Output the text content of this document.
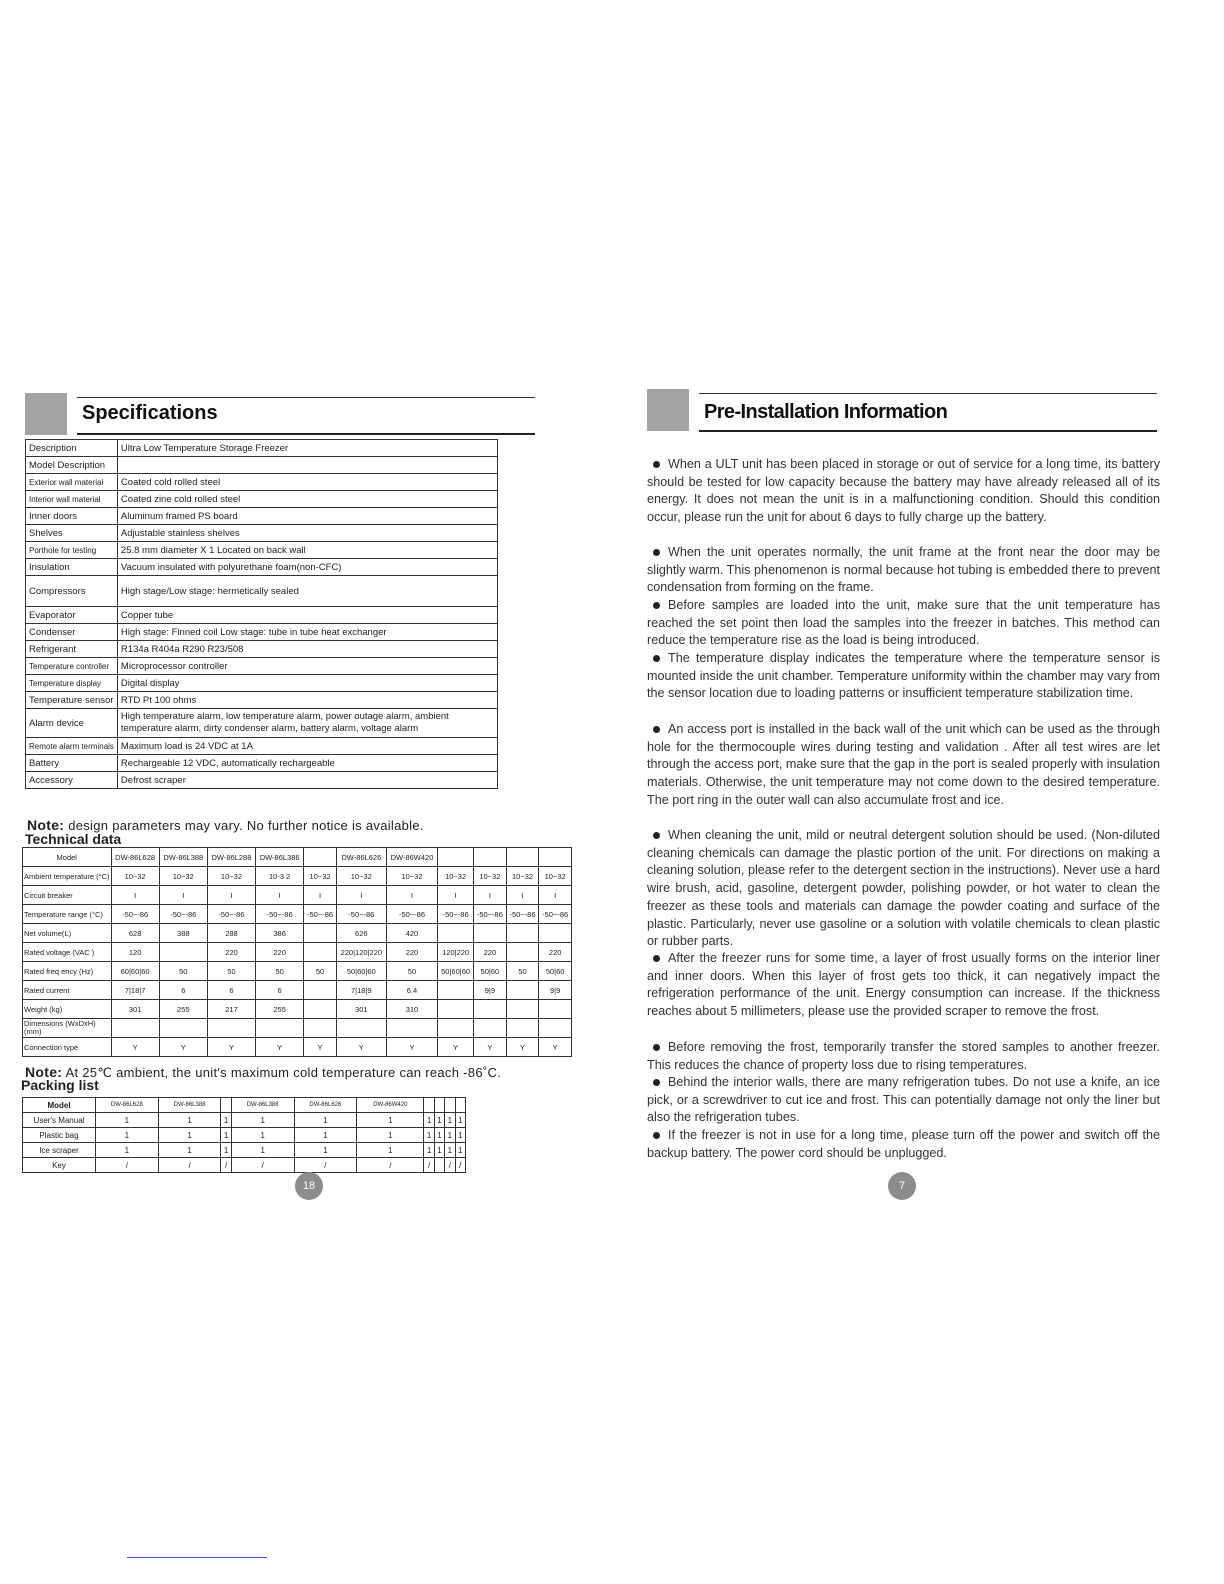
Specifications
Description	Ultra Low Temperature Storage Freezer
Model Description	
Exterior wall material	Coated cold rolled steel
Interior wall material	Coated zine cold rolled steel
Inner doors	Aluminum framed PS board
Shelves	Adjustable stainless shelves
Porthole for testing	25.8 mm diameter X 1 Located on back wall
Insulation	Vacuum insulated with polyurethane foam(non-CFC)
Compressors	High stage/Low stage: hermetically sealed
Evaporator	Copper tube
Condenser	High stage: Finned coil Low stage: tube in tube heat exchanger
Refrigerant	R134a R404a R290 R23/508
Temperature controller	Microprocessor controller
Temperature display	Digital display
Temperature sensor	RTD Pt 100 ohms
Alarm device	High temperature alarm, low temperature alarm, power outage alarm, ambient temperature alarm, dirty condenser alarm, battery alarm, voltage alarm
Remote alarm terminals	Maximum load is 24 VDC at 1A
Battery	Rechargeable 12 VDC, automatically rechargeable
Accessory	Defrost scraper
Note: design parameters may vary. No further notice is available.
Technical data
Model	DW-86L628	DW-86L388	DW-86L288	DW-86L386		DW-86L626	DW-86W420				
Ambient temperature (°C)	10~32	10~32	10~32	10-3 2	10~32	10~32	10~32	10~32	10~32	10~32	10~32
Circuit breaker	I	I	I	I	I	I	I	I	I	I	I
Temperature range (°C)	-50~-86	-50~-86	-50~-86	-50~-86	-50~-86	-50~-86	-50~-86	-50~-86	-50~-86	-50~-86	-50~-86
Net volume(L)	628	388	288	386		626	420				
Rated voltage (VAC )	120		220	220		220|120|220	220	120|220	220		220
Rated freq ency (Hz)	60|60|60	50	50	50	50	50|60|60	50	50|60|60	50|60	50	50|60
Rated current	7|18|7	6	6	6		7|18|9	6.4		9|9		9|9
Weight (kg)	301	255	217	255		301	310				
Dimensions (WxDxH) (mm)											
Connection type	Y	Y	Y	Y	Y	Y	Y	Y	Y	Y	Y
Note: At 25℃ ambient, the unit's maximum cold temperature can reach -86˚C.
Packing list
Model	DW-86L628	DW-86L388		DW-86L388	DW-86L626	DW-86W420				
User's Manual	1	1	1	1	1	1	1	1	1	1
Plastic bag	1	1	1	1	1	1	1	1	1	1
Ice scraper	1	1	1	1	1	1	1	1	1	1
Key	/	/	/	/	/	/	/		/	/
18
Pre-Installation Information
When a ULT unit has been placed in storage or out of service for a long time, its battery should be tested for low capacity because the battery may have already released all of its energy. It does not mean the unit is in a malfunctioning condition. Should this condition occur, please run the unit for about 6 days to fully charge up the battery.
When the unit operates normally, the unit frame at the front near the door may be slightly warm. This phenomenon is normal because hot tubing is embedded there to prevent condensation from forming on the frame.
Before samples are loaded into the unit, make sure that the unit temperature has reached the set point then load the samples into the freezer in batches. This method can reduce the temperature rise as the load is being introduced.
The temperature display indicates the temperature where the temperature sensor is mounted inside the unit chamber. Temperature uniformity within the chamber may vary from the sensor location due to loading patterns or insufficient temperature stabilization time.
An access port is installed in the back wall of the unit which can be used as the through hole for the thermocouple wires during testing and validation . After all test wires are let through the access port, make sure that the gap in the port is sealed properly with insulation materials. Otherwise, the unit temperature may not come down to the desired temperature. The port ring in the outer wall can also accumulate frost and ice.
When cleaning the unit, mild or neutral detergent solution should be used. (Non-diluted cleaning chemicals can damage the plastic portion of the unit. For directions on making a cleaning solution, please refer to the detergent section in the instructions). Never use a hard wire brush, acid, gasoline, detergent powder, polishing powder, or hot water to clean the freezer as these tools and materials can damage the powder coating and surface of the plastic. Particularly, never use gasoline or a solution with volatile chemicals to clean plastic or rubber parts.
After the freezer runs for some time, a layer of frost usually forms on the interior liner and inner doors. When this layer of frost gets too thick, it can negatively impact the refrigeration performance of the unit. Energy consumption can increase. If the thickness reaches about 5 millimeters, please use the provided scraper to remove the frost.
Before removing the frost, temporarily transfer the stored samples to another freezer. This reduces the chance of property loss due to rising temperatures.
Behind the interior walls, there are many refrigeration tubes. Do not use a knife, an ice pick, or a screwdriver to cut ice and frost. This can potentially damage not only the liner but also the refrigeration tubes.
If the freezer is not in use for a long time, please turn off the power and switch off the backup battery. The power cord should be unplugged.
7
